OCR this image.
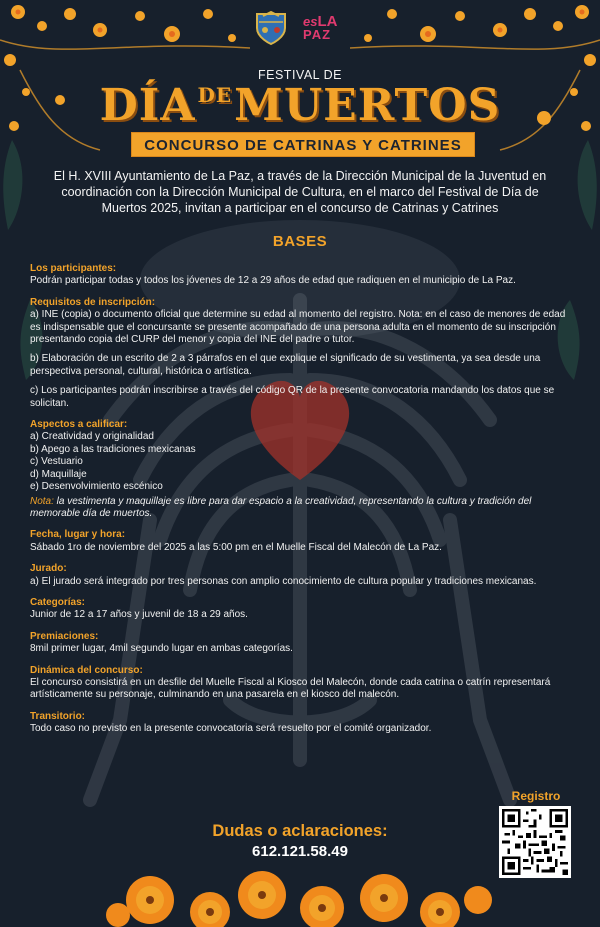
esLA
PAZ
FESTIVAL DE
DÍA $^{DE}$MUERTOS
CONCURSO DE CATRINAS Y CATRINES
El H. XVIII Ayuntamiento de La Paz, a través de la Dirección Municipal de la Juventud en coordinación con la Dirección Municipal de Cultura, en el marco del Festival de Día de Muertos 2025, invitan a participar en el concurso de Catrinas y Catrines
BASES
Los participantes:
Podrán participar todas y todos los jóvenes de 12 a 29 años de edad que radiquen en el municipio de La Paz.
Requisitos de inscripción:
a) INE (copia) o documento oficial que determine su edad al momento del registro. Nota: en el caso de menores de edad es indispensable que el concursante se presente acompañado de una persona adulta en el momento de su inscripción presentando copia del CURP del menor y copia del INE del padre o tutor.
b) Elaboración de un escrito de 2 a 3 párrafos en el que explique el significado de su vestimenta, ya sea desde una perspectiva personal, cultural, histórica o artística.
c) Los participantes podrán inscribirse a través del código QR de la presente convocatoria mandando los datos que se solicitan.
Aspectos a calificar:
a) Creatividad y originalidad
b) Apego a las tradiciones mexicanas
c) Vestuario
d) Maquillaje
e) Desenvolvimiento escénico
Nota: la vestimenta y maquillaje es libre para dar espacio a la creatividad, representando la cultura y tradición del memorable día de muertos.
Fecha, lugar y hora:
Sábado 1ro de noviembre del 2025 a las 5:00 pm en el Muelle Fiscal del Malecón de La Paz.
Jurado:
a) El jurado será integrado por tres personas con amplio conocimiento de cultura popular y tradiciones mexicanas.
Categorías:
Junior de 12 a 17 años y juvenil de 18 a 29 años.
Premiaciones:
8mil primer lugar, 4mil segundo lugar en ambas categorías.
Dinámica del concurso:
El concurso consistirá en un desfile del Muelle Fiscal al Kiosco del Malecón, donde cada catrina o catrín representará artísticamente su personaje, culminando en una pasarela en el kiosco del malecón.
Transitorio:
Todo caso no previsto en la presente convocatoria será resuelto por el comité organizador.
Registro
Dudas o aclaraciones:
612.121.58.49
